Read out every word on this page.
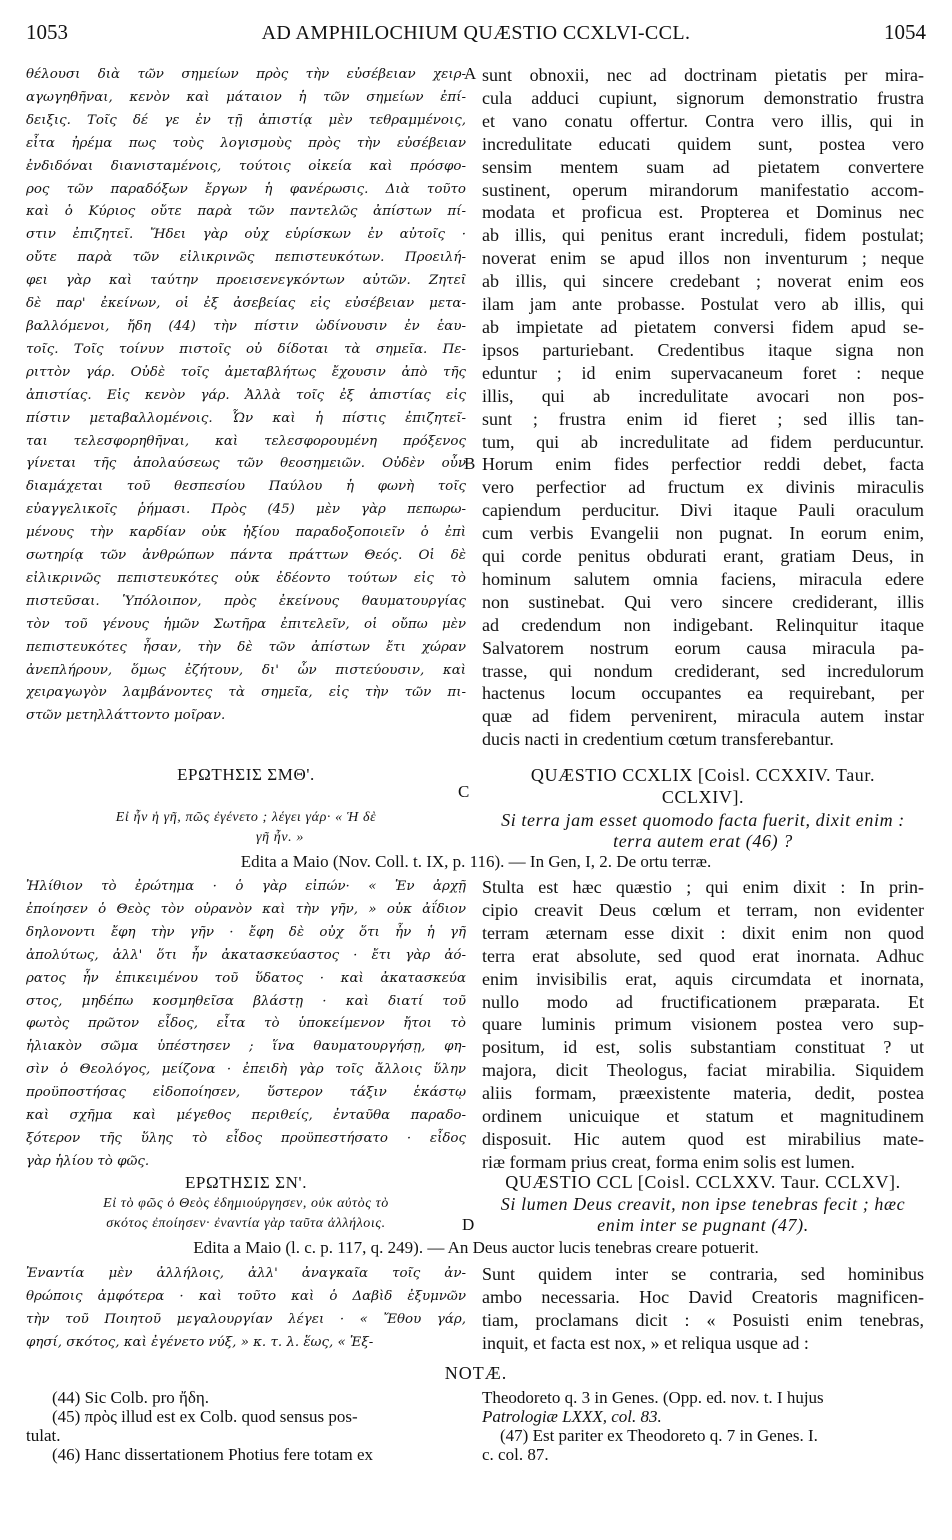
1053	AD AMPHILOCHIUM QUÆSTIO CCXLVI-CCL.	1054
θέλουσι διὰ τῶν σημείων πρὸς τὴν εὐσέβειαν χειρ-
αγωγηθῆναι, κενὸν καὶ μάταιον ἡ τῶν σημείων ἐπί-
δειξις. Τοῖς δέ γε ἐν τῇ ἀπιστίᾳ μὲν τεθραμμένοις,
εἶτα ἠρέμα πως τοὺς λογισμοὺς πρὸς τὴν εὐσέβειαν
ἐνδιδόναι διανισταμένοις, τούτοις οἰκεία καὶ πρόσφο-
ρος τῶν παραδόξων ἔργων ἡ φανέρωσις. Διὰ τοῦτο
καὶ ὁ Κύριος οὔτε παρὰ τῶν παντελῶς ἀπίστων πί-
στιν ἐπιζητεῖ. Ἤδει γὰρ οὐχ εὑρίσκων ἐν αὐτοῖς ·
οὔτε παρὰ τῶν εἰλικρινῶς πεπιστευκότων. Προειλή-
φει γὰρ καὶ ταύτην προεισενεγκόντων αὐτῶν. Ζητεῖ
δὲ παρ' ἐκείνων, οἱ ἐξ ἀσεβείας εἰς εὐσέβειαν μετα-
βαλλόμενοι, ἤδη (44) τὴν πίστιν ὠδίνουσιν ἐν ἑαυ-
τοῖς. Τοῖς τοίνυν πιστοῖς οὐ δίδοται τὰ σημεῖα. Πε-
ριττὸν γάρ. Οὐδὲ τοῖς ἀμεταβλήτως ἔχουσιν ἀπὸ τῆς
ἀπιστίας. Εἰς κενὸν γάρ. Ἀλλὰ τοῖς ἐξ ἀπιστίας εἰς
πίστιν μεταβαλλομένοις. Ὧν καὶ ἡ πίστις ἐπιζητεῖ-
ται τελεσφορηθῆναι, καὶ τελεσφορουμένη πρόξενος
γίνεται τῆς ἀπολαύσεως τῶν θεοσημειῶν. Οὐδὲν οὖν
διαμάχεται τοῦ θεσπεσίου Παύλου ἡ φωνὴ τοῖς
εὐαγγελικοῖς ῥήμασι. Πρὸς (45) μὲν γὰρ πεπωρω-
μένους τὴν καρδίαν οὐκ ἠξίου παραδοξοποιεῖν ὁ ἐπὶ
σωτηρίᾳ τῶν ἀνθρώπων πάντα πράττων Θεός. Οἱ δὲ
εἰλικρινῶς πεπιστευκότες οὐκ ἐδέοντο τούτων εἰς τὸ
πιστεῦσαι. Ὑπόλοιπον, πρὸς ἐκείνους θαυματουργίας
τὸν τοῦ γένους ἡμῶν Σωτῆρα ἐπιτελεῖν, οἱ οὔπω μὲν
πεπιστευκότες ἦσαν, τὴν δὲ τῶν ἀπίστων ἔτι χώραν
ἀνεπλήρουν, ὅμως ἐζήτουν, δι' ὧν πιστεύουσιν, καὶ
χειραγωγὸν λαμβάνοντες τὰ σημεῖα, εἰς τὴν τῶν πι-
στῶν μετηλλάττοντο μοῖραν.
sunt obnoxii, nec ad doctrinam pietatis per mira-
cula adduci cupiunt, signorum demonstratio frustra
et vano conatu offertur. Contra vero illis, qui in
incredulitate educati quidem sunt, postea vero
sensim mentem suam ad pietatem convertere
sustinent, operum mirandorum manifestatio accom-
modata et proficua est. Propterea et Dominus nec
ab illis, qui penitus erant increduli, fidem postulat;
noverat enim se apud illos non inventurum ; neque
ab illis, qui sincere credebant ; noverat enim eos
ilam jam ante probasse. Postulat vero ab illis, qui
ab impietate ad pietatem conversi fidem apud se-
ipsos parturiebant. Credentibus itaque signa non
eduntur ; id enim supervacaneum foret : neque
illis, qui ab incredulitate avocari non pos-
sunt ; frustra enim id fieret ; sed illis tan-
tum, qui ab incredulitate ad fidem perducuntur.
Horum enim fides perfectior reddi debet, facta
vero perfectior ad fructum ex divinis miraculis
capiendum perducitur. Divi itaque Pauli oraculum
cum verbis Evangelii non pugnat. In eorum enim,
qui corde penitus obdurati erant, gratiam Deus, in
hominum salutem omnia faciens, miracula edere
non sustinebat. Qui vero sincere crediderant, illis
ad credendum non indigebant. Relinquitur itaque
Salvatorem nostrum eorum causa miracula pa-
trasse, qui nondum crediderant, sed incredulorum
hactenus locum occupantes ea requirebant, per
quæ ad fidem pervenirent, miracula autem instar
ducis nacti in credentium cœtum transferebantur.
A
B
C
D
ΕΡΩΤΗΣΙΣ ΣΜΘ'.	QUÆSTIO CCXLIX [Coisl. CCXXIV. Taur.
CCLXIV].
Εἰ ἦν ἡ γῆ, πῶς ἐγένετο ; λέγει γάρ· « Ἡ δὲ
γῆ ἦν. »
Si terra jam esset quomodo facta fuerit, dixit enim :
terra autem erat (46) ?
Edita a Maio (Nov. Coll. t. IX, p. 116). — In Gen, I, 2. De ortu terræ.
Ἠλίθιον τὸ ἐρώτημα · ὁ γὰρ εἰπών· « Ἐν ἀρχῇ
ἐποίησεν ὁ Θεὸς τὸν οὐρανὸν καὶ τὴν γῆν, » οὐκ ἀΐδιον
δηλονοντι ἔφη τὴν γῆν · ἔφη δὲ οὐχ ὅτι ἦν ἡ γῆ
ἀπολύτως, ἀλλ' ὅτι ἦν ἀκατασκεύαστος · ἔτι γὰρ ἀό-
ρατος ἦν ἐπικειμένου τοῦ ὕδατος · καὶ ἀκατασκεύα
στος, μηδέπω κοσμηθεῖσα βλάστῃ · καὶ διατί τοῦ
φωτὸς πρῶτον εἶδος, εἶτα τὸ ὑποκείμενον ἤτοι τὸ
ἡλιακὸν σῶμα ὑπέστησεν ; ἵνα θαυματουργήσῃ, φη-
σὶν ὁ Θεολόγος, μείζονα · ἐπειδὴ γὰρ τοῖς ἄλλοις ὕλην
προϋποστήσας εἰδοποίησεν, ὕστερον τάξιν ἑκάστῳ
καὶ σχῆμα καὶ μέγεθος περιθείς, ἐνταῦθα παραδο-
ξότερον τῆς ὕλης τὸ εἶδος προϋπεστήσατο · εἶδος
γὰρ ἡλίου τὸ φῶς.
Stulta est hæc quæstio ; qui enim dixit : In prin-
cipio creavit Deus cœlum et terram, non evidenter
terram æternam esse dixit : dixit enim non quod
terra erat absolute, sed quod erat inornata. Adhuc
enim invisibilis erat, aquis circumdata et inornata,
nullo modo ad fructificationem præparata. Et
quare luminis primum visionem postea vero sup-
positum, id est, solis substantiam constituat ? ut
majora, dicit Theologus, faciat mirabilia. Siquidem
aliis formam, præexistente materia, dedit, postea
ordinem unicuique et statum et magnitudinem
disposuit. Hic autem quod est mirabilius mate-
riæ formam prius creat, forma enim solis est lumen.
ΕΡΩΤΗΣΙΣ ΣΝ'.	QUÆSTIO CCL [Coisl. CCLXXV. Taur. CCLXV].
Εἰ τὸ φῶς ὁ Θεὸς ἐδημιούργησεν, οὐκ αὐτὸς τὸ
σκότος ἐποίησεν· ἐναντία γὰρ ταῦτα ἀλλήλοις.
Si lumen Deus creavit, non ipse tenebras fecit ; hæc
enim inter se pugnant (47).
Edita a Maio (l. c. p. 117, q. 249). — An Deus auctor lucis tenebras creare potuerit.
Ἐναντία μὲν ἀλλήλοις, ἀλλ' ἀναγκαῖα τοῖς ἀν-
θρώποις ἀμφότερα · καὶ τοῦτο καὶ ὁ Δαβὶδ ἐξυμνῶν
τὴν τοῦ Ποιητοῦ μεγαλουργίαν λέγει · « Ἔθου γάρ,
φησί, σκότος, καὶ ἐγένετο νύξ, » κ. τ. λ. ἕως, « Ἐξ-
Sunt quidem inter se contraria, sed hominibus
ambo necessaria. Hoc David Creatoris magnificen-
tiam, proclamans dicit : « Posuisti enim tenebras,
inquit, et facta est nox, » et reliqua usque ad :
NOTÆ.
(44) Sic Colb. pro ἤδη.
(45) πρὸς illud est ex Colb. quod sensus pos-
tulat.
(46) Hanc dissertationem Photius fere totam ex
Theodoreto q. 3 in Genes. (Opp. ed. nov. t. I hujus
Patrologiæ LXXX, col. 83.
(47) Est pariter ex Theodoreto q. 7 in Genes. I.
c. col. 87.
